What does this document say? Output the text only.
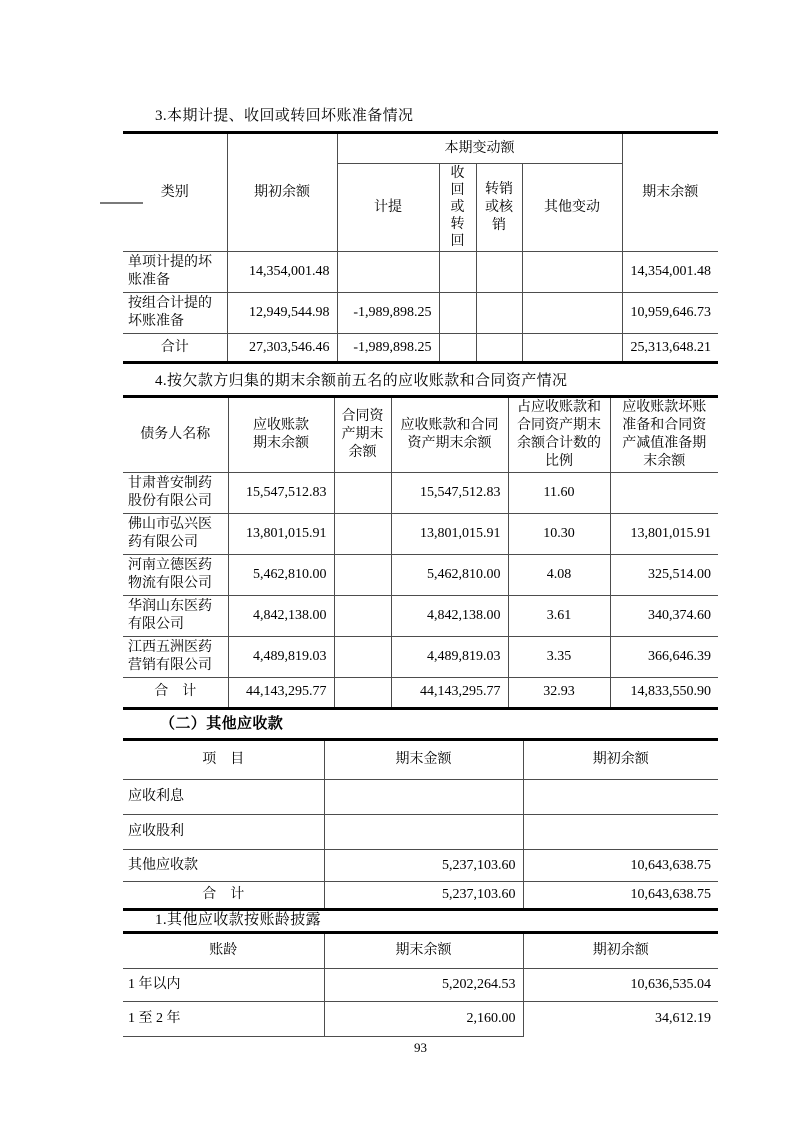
3.本期计提、收回或转回坏账准备情况
类别	期初余额	本期变动额				期末余额
		计提	收回或转回	转销或核销	其他变动	
单项计提的坏账准备	14,354,001.48					14,354,001.48
按组合计提的坏账准备	12,949,544.98	-1,989,898.25				10,959,646.73
合计	27,303,546.46	-1,989,898.25				25,313,648.21
4.按欠款方归集的期末余额前五名的应收账款和合同资产情况
债务人名称	应收账款期末余额	合同资产期末余额	应收账款和合同资产期末余额	占应收账款和合同资产期末余额合计数的比例	应收账款坏账准备和合同资产减值准备期末余额

甘肃普安制药股份有限公司	15,547,512.83		15,547,512.83	11.60	
佛山市弘兴医药有限公司	13,801,015.91		13,801,015.91	10.30	13,801,015.91
河南立德医药物流有限公司	5,462,810.00		5,462,810.00	4.08	325,514.00
华润山东医药有限公司	4,842,138.00		4,842,138.00	3.61	340,374.60
江西五洲医药营销有限公司	4,489,819.03		4,489,819.03	3.35	366,646.39
合　计	44,143,295.77		44,143,295.77	32.93	14,833,550.90
（二）其他应收款
项　目	期末金额	期初余额
应收利息		
应收股利		
其他应收款	5,237,103.60	10,643,638.75
合　计	5,237,103.60	10,643,638.75
1.其他应收款按账龄披露
账龄	期末余额	期初余额
1 年以内	5,202,264.53	10,636,535.04
1 至 2 年	2,160.00	34,612.19
93
